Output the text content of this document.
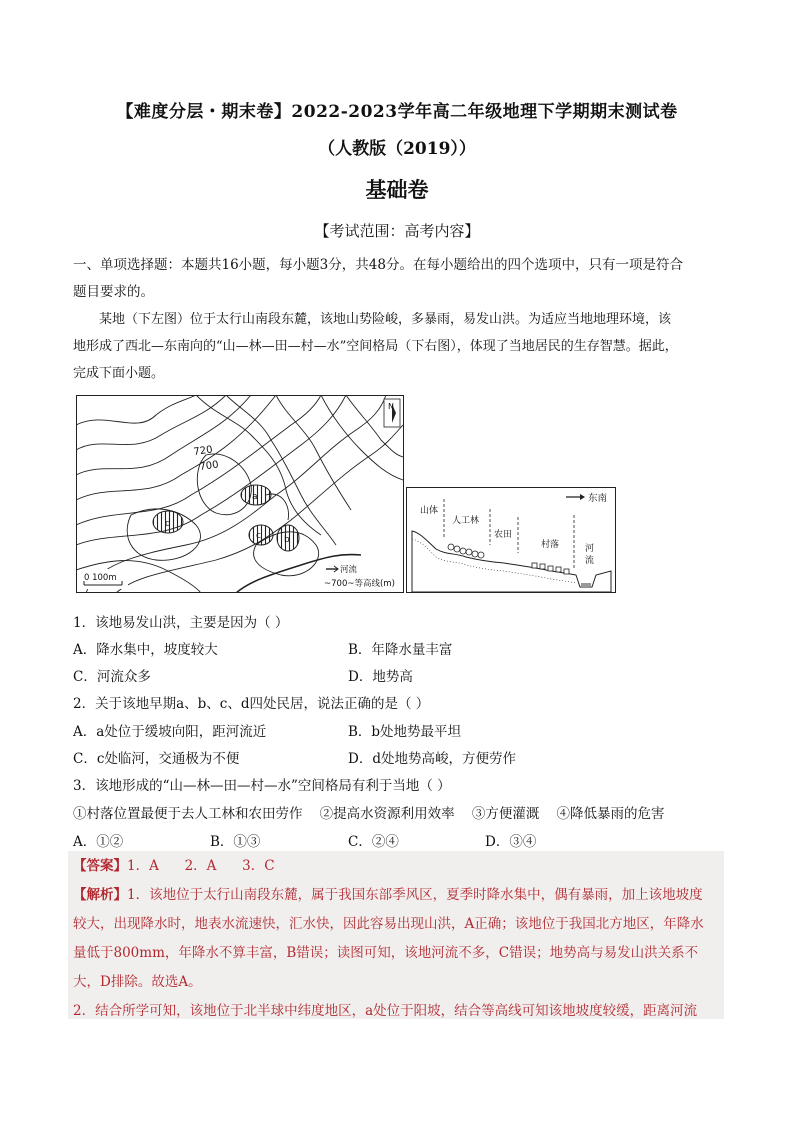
【难度分层・期末卷】2022-2023学年高二年级地理下学期期末测试卷
（人教版（2019））
基础卷
【考试范围：高考内容】
一、单项选择题：本题共16小题，每小题3分，共48分。在每小题给出的四个选项中，只有一项是符合
题目要求的。
某地（下左图）位于太行山南段东麓，该地山势险峻，多暴雨，易发山洪。为适应当地地理环境，该
地形成了西北—东南向的“山—林—田—村—水”空间格局（下右图），体现了当地居民的生存智慧。据此，
完成下面小题。
a
d
c	b
720
700
N
0 100m
河流
~700~等高线(m)
东南
山体
人工林
农田
村落	河
流
1．该地易发山洪，主要是因为（ ）
A．降水集中，坡度较大	B．年降水量丰富
C．河流众多	D．地势高
2．关于该地早期a、b、c、d四处民居，说法正确的是（ ）
A．a处位于缓坡向阳，距河流近	B．b处地势最平坦
C．c处临河，交通极为不便	D．d处地势高峻，方便劳作
3．该地形成的“山—林—田—村—水”空间格局有利于当地（ ）
①村落位置最便于去人工林和农田劳作    ②提高水资源利用效率    ③方便灌溉    ④降低暴雨的危害
A．①②	B．①③	C．②④	D．③④
【答案】1．A      2．A      3．C
【解析】1．该地位于太行山南段东麓，属于我国东部季风区，夏季时降水集中，偶有暴雨，加上该地坡度
较大，出现降水时，地表水流速快，汇水快，因此容易出现山洪，A正确；该地位于我国北方地区，年降水
量低于800mm，年降水不算丰富，B错误；读图可知，该地河流不多，C错误；地势高与易发山洪关系不
大，D排除。故选A。
2．结合所学可知，该地位于北半球中纬度地区，a处位于阳坡，结合等高线可知该地坡度较缓，距离河流
